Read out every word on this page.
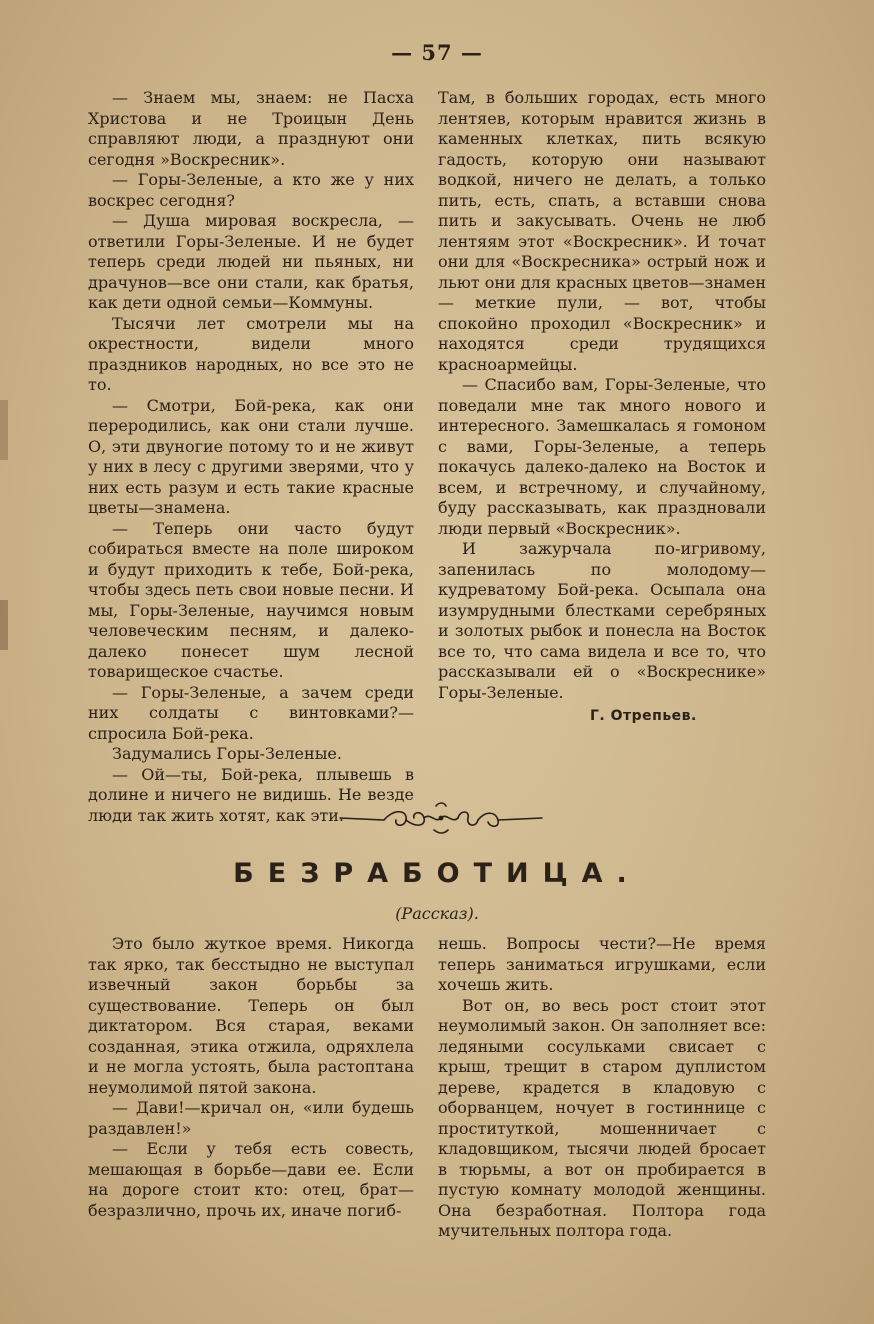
— 57 —

— Знаем мы, знаем: не Пасха Христова и не Троицын День справляют люди, а празднуют они сегодня »Воскресник».

— Горы-Зеленые, а кто же у них воскрес сегодня?

— Душа мировая воскресла, —ответили Горы-Зеленые. И не будет теперь среди людей ни пьяных, ни драчунов—все они стали, как братья, как дети одной семьи—Коммуны.

Тысячи лет смотрели мы на окрестности, видели много праздников народных, но все это не то.

— Смотри, Бой-река, как они переродились, как они стали лучше. О, эти двуногие потому то и не живут у них в лесу с другими зверями, что у них есть разум и есть такие красные цветы—знамена.

— Теперь они часто будут собираться вместе на поле широком и будут приходить к тебе, Бой-река, чтобы здесь петь свои новые песни. И мы, Горы-Зеленые, научимся новым человеческим песням, и далеко-далеко понесет шум лесной товарищеское счастье.

— Горы-Зеленые, а зачем среди них солдаты с винтовками?—спросила Бой-река.

Задумались Горы-Зеленые.

— Ой—ты, Бой-река, плывешь в долине и ничего не видишь. Не везде люди так жить хотят, как эти.

Там, в больших городах, есть много лентяев, которым нравится жизнь в каменных клетках, пить всякую гадость, которую они называют водкой, ничего не делать, а только пить, есть, спать, а вставши снова пить и закусывать. Очень не люб лентяям этот «Воскресник». И точат они для «Воскресника» острый нож и льют они для красных цветов—знамен — меткие пули, — вот, чтобы спокойно проходил «Воскресник» и находятся среди трудящихся красноармейцы.

— Спасибо вам, Горы-Зеленые, что поведали мне так много нового и интересного. Замешкалась я гомоном с вами, Горы-Зеленые, а теперь покачусь далеко-далеко на Восток и всем, и встречному, и случайному, буду рассказывать, как праздновали люди первый «Воскресник».

И зажурчала по-игривому, запенилась по молодому—кудреватому Бой-река. Осыпала она изумрудными блестками серебряных и золотых рыбок и понесла на Восток все то, что сама видела и все то, что рассказывали ей о «Воскреснике» Горы-Зеленые.

Г. Отрепьев.
БЕЗРАБОТИЦА.
(Рассказ).

Это было жуткое время. Никогда так ярко, так бесстыдно не выступал извечный закон борьбы за существование. Теперь он был диктатором. Вся старая, веками созданная, этика отжила, одряхлела и не могла устоять, была растоптана неумолимой пятой закона.

— Дави!—кричал он, «или будешь раздавлен!»

— Если у тебя есть совесть, мешающая в борьбе—дави ее. Если на дороге стоит кто: отец, брат—безразлично, прочь их, иначе погиб-

нешь. Вопросы чести?—Не время теперь заниматься игрушками, если хочешь жить.

Вот он, во весь рост стоит этот неумолимый закон. Он заполняет все: ледяными сосульками свисает с крыш, трещит в старом дуплистом дереве, крадется в кладовую с оборванцем, ночует в гостиннице с проституткой, мошенничает с кладовщиком, тысячи людей бросает в тюрьмы, а вот он пробирается в пустую комнату молодой женщины. Она безработная. Полтора года мучительных полтора года.
